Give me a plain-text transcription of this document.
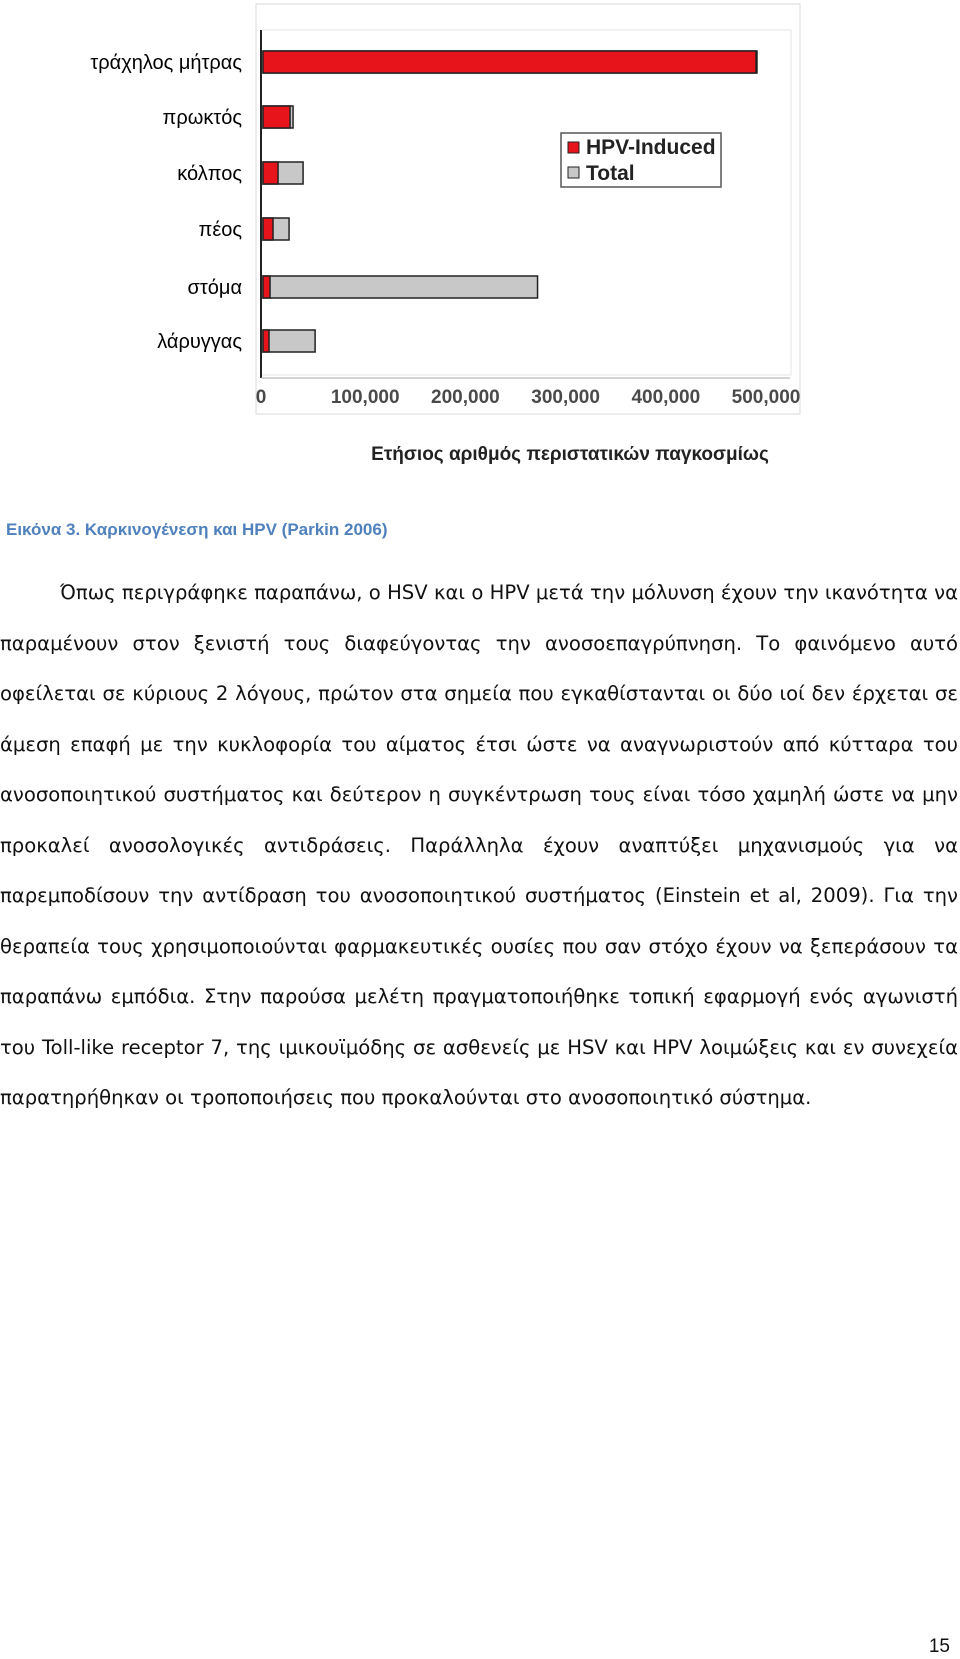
τράχηλος μήτρας
πρωκτός
κόλπος
πέος
στόμα
λάρυγγας
0	100,000 200,000 300,000 400,000 500,000
HPV-Induced
Total
Ετήσιος αριθμός περιστατικών παγκοσμίως
Εικόνα 3. Καρκινογένεση και HPV (Parkin 2006)
Όπως περιγράφηκε παραπάνω, ο HSV και ο HPV μετά την μόλυνση έχουν την ικανότητα να παραμένουν στον ξενιστή τους διαφεύγοντας την ανοσοεπαγρύπνηση. Το φαινόμενο αυτό οφείλεται σε κύριους 2 λόγους, πρώτον στα σημεία που εγκαθίστανται οι δύο ιοί δεν έρχεται σε άμεση επαφή με την κυκλοφορία του αίματος έτσι ώστε να αναγνωριστούν από κύτταρα του ανοσοποιητικού συστήματος και δεύτερον η συγκέντρωση τους είναι τόσο χαμηλή ώστε να μην προκαλεί ανοσολογικές αντιδράσεις. Παράλληλα έχουν αναπτύξει μηχανισμούς για να παρεμποδίσουν την αντίδραση του ανοσοποιητικού συστήματος (Einstein et al, 2009). Για την θεραπεία τους χρησιμοποιούνται φαρμακευτικές ουσίες που σαν στόχο έχουν να ξεπεράσουν τα παραπάνω εμπόδια. Στην παρούσα μελέτη πραγματοποιήθηκε τοπική εφαρμογή ενός αγωνιστή του Toll-like receptor 7, της ιμικουϊμόδης σε ασθενείς με HSV και HPV λοιμώξεις και εν συνεχεία παρατηρήθηκαν οι τροποποιήσεις που προκαλούνται στο ανοσοποιητικό σύστημα.
15
